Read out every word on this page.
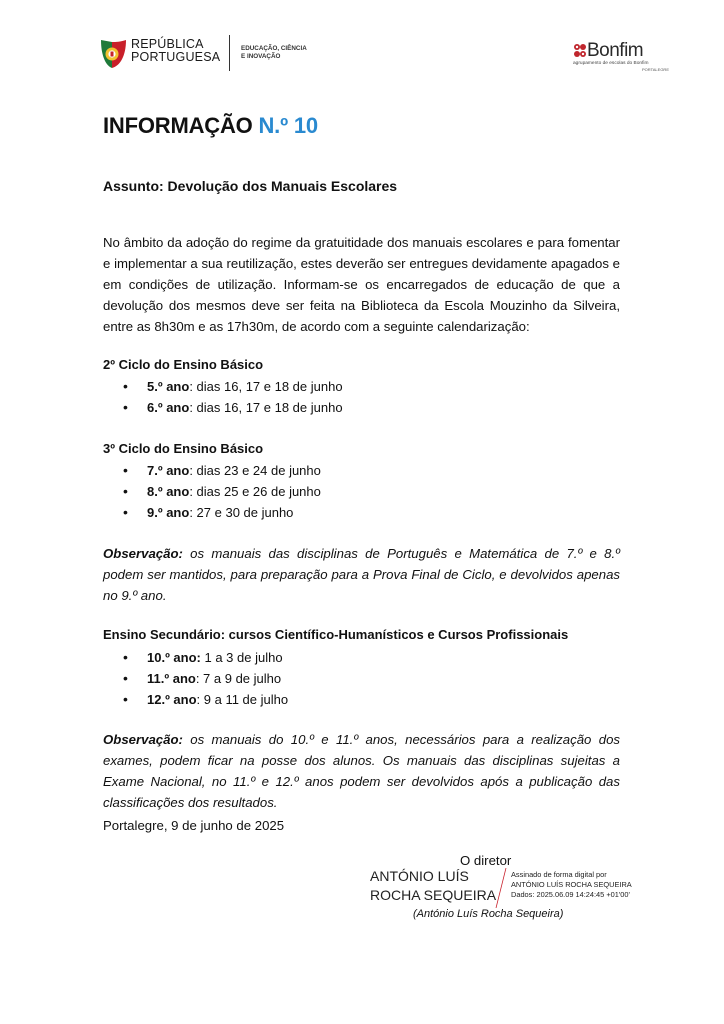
REPÚBLICA
PORTUGUESA
EDUCAÇÃO, CIÊNCIA
E INOVAÇÃO	Bonfim
agrupamento de escolas do Bonfim
PORTALEGRE
INFORMAÇÃO N.º 10
Assunto: Devolução dos Manuais Escolares

No âmbito da adoção do regime da gratuitidade dos manuais escolares e para fomentar e implementar a sua reutilização, estes deverão ser entregues devidamente apagados e em condições de utilização. Informam-se os encarregados de educação de que a devolução dos mesmos deve ser feita na Biblioteca da Escola Mouzinho da Silveira, entre as 8h30m e as 17h30m, de acordo com a seguinte calendarização:

2º Ciclo do Ensino Básico
• 5.º ano: dias 16, 17 e 18 de junho
• 6.º ano: dias 16, 17 e 18 de junho
3º Ciclo do Ensino Básico
• 7.º ano: dias 23 e 24 de junho
• 8.º ano: dias 25 e 26 de junho
• 9.º ano: 27 e 30 de junho

Observação: os manuais das disciplinas de Português e Matemática de 7.º e 8.º podem ser mantidos, para preparação para a Prova Final de Ciclo, e devolvidos apenas no 9.º ano.

Ensino Secundário: cursos Científico-Humanísticos e Cursos Profissionais
• 10.º ano: 1 a 3 de julho
• 11.º ano: 7 a 9 de julho
• 12.º ano: 9 a 11 de julho

Observação: os manuais do 10.º e 11.º anos, necessários para a realização dos exames, podem ficar na posse dos alunos. Os manuais das disciplinas sujeitas a Exame Nacional, no 11.º e 12.º anos podem ser devolvidos após a publicação das classificações dos resultados.

Portalegre, 9 de junho de 2025
O diretor
ANTÓNIO LUÍS
ROCHA SEQUEIRA
Assinado de forma digital por
ANTÓNIO LUÍS ROCHA SEQUEIRA
Dados: 2025.06.09 14:24:45 +01'00'
(António Luís Rocha Sequeira)
